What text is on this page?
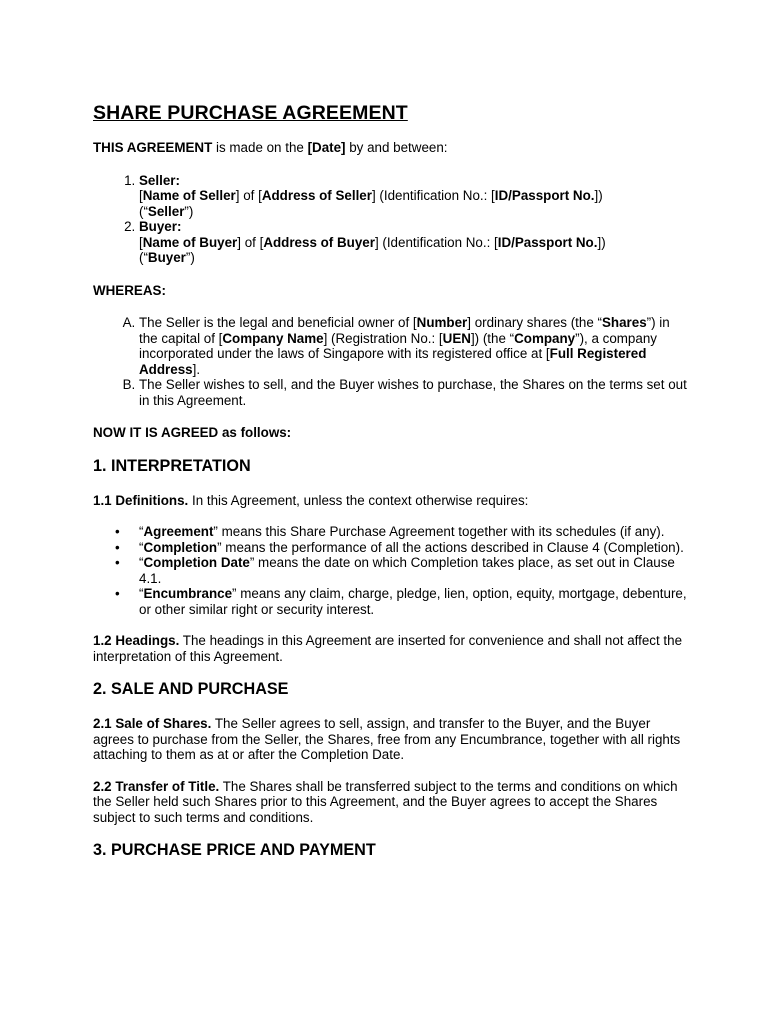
SHARE PURCHASE AGREEMENT

THIS AGREEMENT is made on the [Date] by and between:

1. Seller:
[Name of Seller] of [Address of Seller] (Identification No.: [ID/Passport No.])
(“Seller”)
2. Buyer:
[Name of Buyer] of [Address of Buyer] (Identification No.: [ID/Passport No.])
(“Buyer”)

WHEREAS:

A. The Seller is the legal and beneficial owner of [Number] ordinary shares (the “Shares”) in the capital of [Company Name] (Registration No.: [UEN]) (the “Company”), a company incorporated under the laws of Singapore with its registered office at [Full Registered Address].
B. The Seller wishes to sell, and the Buyer wishes to purchase, the Shares on the terms set out in this Agreement.

NOW IT IS AGREED as follows:

1. INTERPRETATION

1.1 Definitions. In this Agreement, unless the context otherwise requires:

• “Agreement” means this Share Purchase Agreement together with its schedules (if any).
• “Completion” means the performance of all the actions described in Clause 4 (Completion).
• “Completion Date” means the date on which Completion takes place, as set out in Clause 4.1.
• “Encumbrance” means any claim, charge, pledge, lien, option, equity, mortgage, debenture, or other similar right or security interest.

1.2 Headings. The headings in this Agreement are inserted for convenience and shall not affect the interpretation of this Agreement.

2. SALE AND PURCHASE

2.1 Sale of Shares. The Seller agrees to sell, assign, and transfer to the Buyer, and the Buyer agrees to purchase from the Seller, the Shares, free from any Encumbrance, together with all rights attaching to them as at or after the Completion Date.

2.2 Transfer of Title. The Shares shall be transferred subject to the terms and conditions on which the Seller held such Shares prior to this Agreement, and the Buyer agrees to accept the Shares subject to such terms and conditions.

3. PURCHASE PRICE AND PAYMENT
